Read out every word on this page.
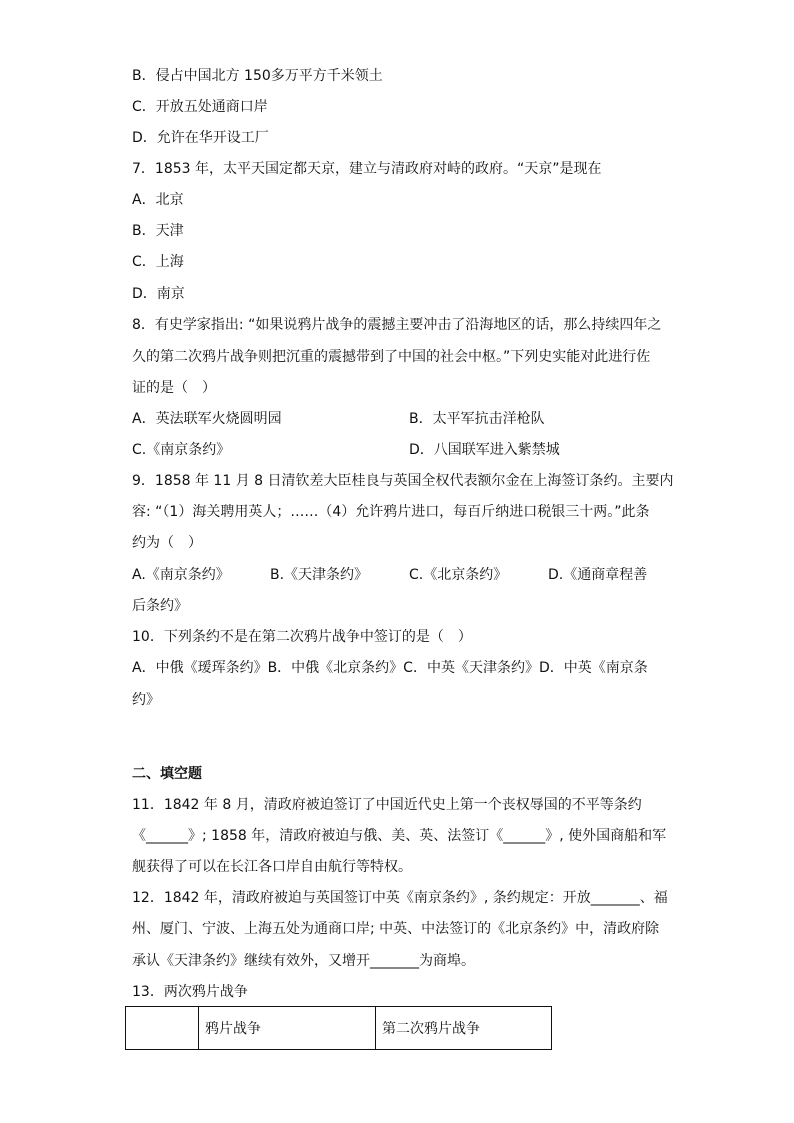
B．侵占中国北方 150多万平方千米领土
C．开放五处通商口岸
D．允许在华开设工厂
7．1853 年，太平天国定都天京，建立与清政府对峙的政府。“天京”是现在
A．北京
B．天津
C．上海
D．南京
8．有史学家指出: “如果说鸦片战争的震撼主要冲击了沿海地区的话，那么持续四年之
久的第二次鸦片战争则把沉重的震撼带到了中国的社会中枢。”下列史实能对此进行佐
证的是（　）
A．英法联军火烧圆明园	B．太平军抗击洋枪队
C.《南京条约》	D．八国联军进入紫禁城
9．1858 年 11 月 8 日清钦差大臣桂良与英国全权代表额尔金在上海签订条约。主要内
容: “（1）海关聘用英人；……（4）允许鸦片进口，每百斤纳进口税银三十两。”此条
约为（　）
A.《南京条约》	B.《天津条约》	C.《北京条约》	D.《通商章程善
后条约》
10．下列条约不是在第二次鸦片战争中签订的是（　）
A．中俄《瑷珲条约》B．中俄《北京条约》C．中英《天津条约》D．中英《南京条
约》
二、填空题
11．1842 年 8 月，清政府被迫签订了中国近代史上第一个丧权辱国的不平等条约
《______》; 1858 年，清政府被迫与俄、美、英、法签订《______》, 使外国商船和军
舰获得了可以在长江各口岸自由航行等特权。
12．1842 年，清政府被迫与英国签订中英《南京条约》, 条约规定：开放_______、福
州、厦门、宁波、上海五处为通商口岸; 中英、中法签订的《北京条约》中，清政府除
承认《天津条约》继续有效外，又增开_______为商埠。
13．两次鸦片战争
	鸦片战争	第二次鸦片战争
